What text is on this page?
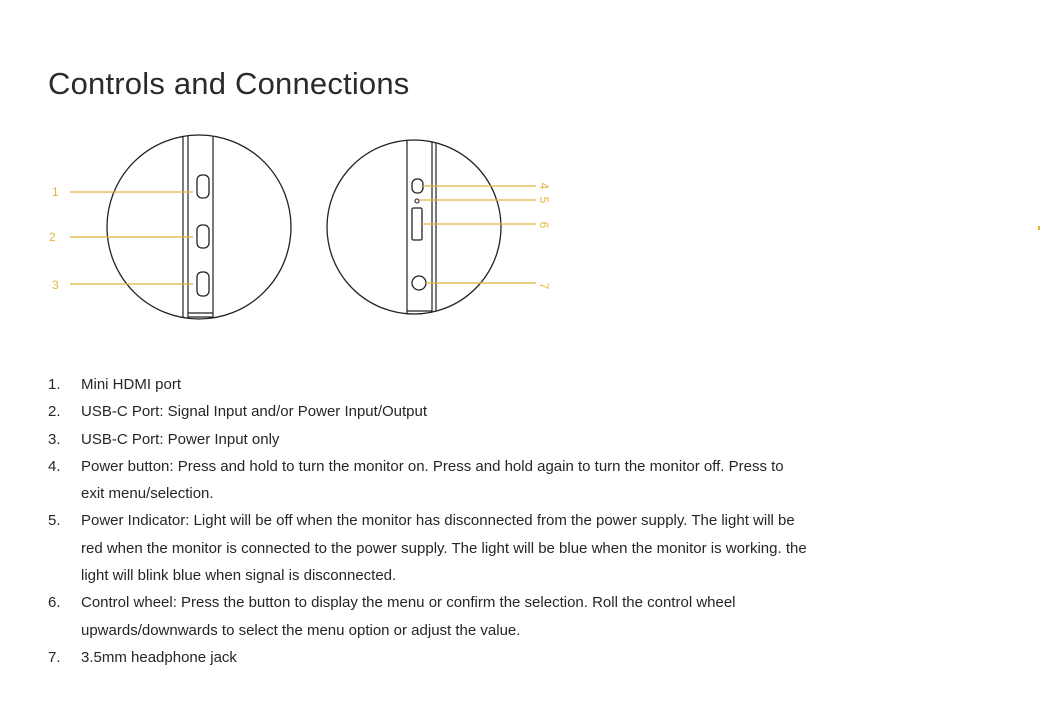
Controls and Connections
1
2
3
4
5
6
7
1.	Mini HDMI port
2.	USB-C Port: Signal Input and/or Power Input/Output
3.	USB-C Port: Power Input only
4.	Power button: Press and hold to turn the monitor on. Press and hold again to turn the monitor off. Press to exit menu/selection.
5.	Power Indicator: Light will be off when the monitor has disconnected from the power supply. The light will be red when the monitor is connected to the power supply. The light will be blue when the monitor is working. the light will blink blue when signal is disconnected.
6.	Control wheel: Press the button to display the menu or confirm the selection. Roll the control wheel upwards/downwards to select the menu option or adjust the value.
7.	3.5mm headphone jack
